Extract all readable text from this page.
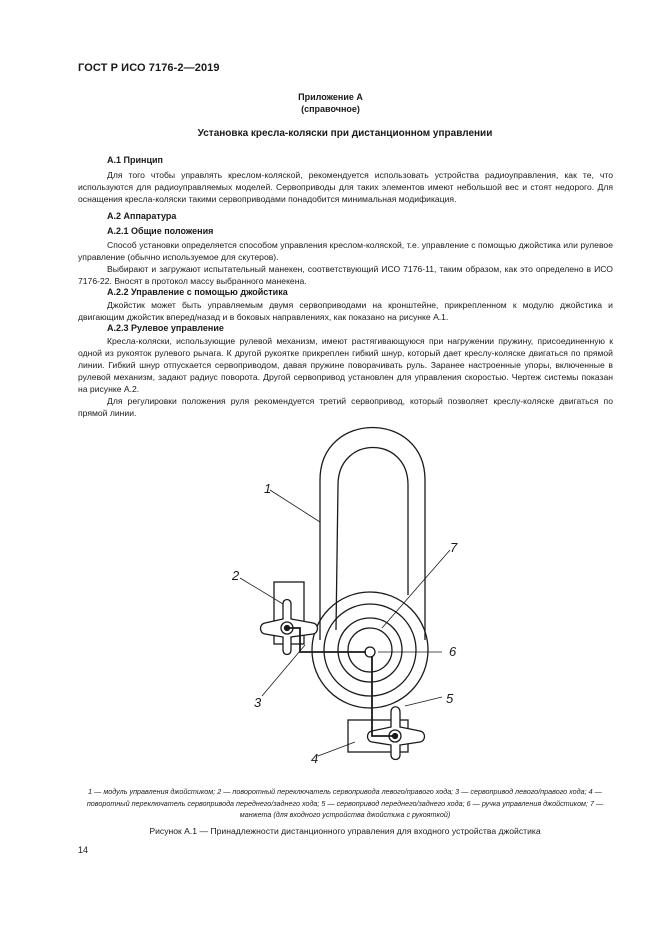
ГОСТ Р ИСО 7176-2—2019
Приложение А
(справочное)
Установка кресла-коляски при дистанционном управлении
А.1 Принцип
Для того чтобы управлять креслом-коляской, рекомендуется использовать устройства радиоуправления, как те, что используются для радиоуправляемых моделей. Сервоприводы для таких элементов имеют небольшой вес и стоят недорого. Для оснащения кресла-коляски такими сервоприводами понадобится минимальная модификация.
А.2 Аппаратура
А.2.1 Общие положения
Способ установки определяется способом управления креслом-коляской, т.е. управление с помощью джойстика или рулевое управление (обычно используемое для скутеров).
Выбирают и загружают испытательный манекен, соответствующий ИСО 7176-11, таким образом, как это определено в ИСО 7176-22. Вносят в протокол массу выбранного манекена.
А.2.2 Управление с помощью джойстика
Джойстик может быть управляемым двумя сервоприводами на кронштейне, прикрепленном к модулю джойстика и двигающим джойстик вперед/назад и в боковых направлениях, как показано на рисунке А.1.
А.2.3 Рулевое управление
Кресла-коляски, использующие рулевой механизм, имеют растягивающуюся при нагружении пружину, присоединенную к одной из рукояток рулевого рычага. К другой рукоятке прикреплен гибкий шнур, который дает креслу-коляске двигаться по прямой линии. Гибкий шнур отпускается сервоприводом, давая пружине поворачивать руль. Заранее настроенные упоры, включенные в рулевой механизм, задают радиус поворота. Другой сервопривод установлен для управления скоростью. Чертеж системы показан на рисунке А.2.
Для регулировки положения руля рекомендуется третий сервопривод, который позволяет креслу-коляске двигаться по прямой линии.
1
2
3
4
5
6
7
1 — модуль управления джойстиком; 2 — поворотный переключатель сервопривода левого/правого хода; 3 — сервопривод левого/правого хода; 4 — поворотный переключатель сервопривода переднего/заднего хода; 5 — сервопривод переднего/заднего хода; 6 — ручка управления джойстиком; 7 — манжета (для входного устройства джойстика с рукояткой)
Рисунок А.1 — Принадлежности дистанционного управления для входного устройства джойстика
14
